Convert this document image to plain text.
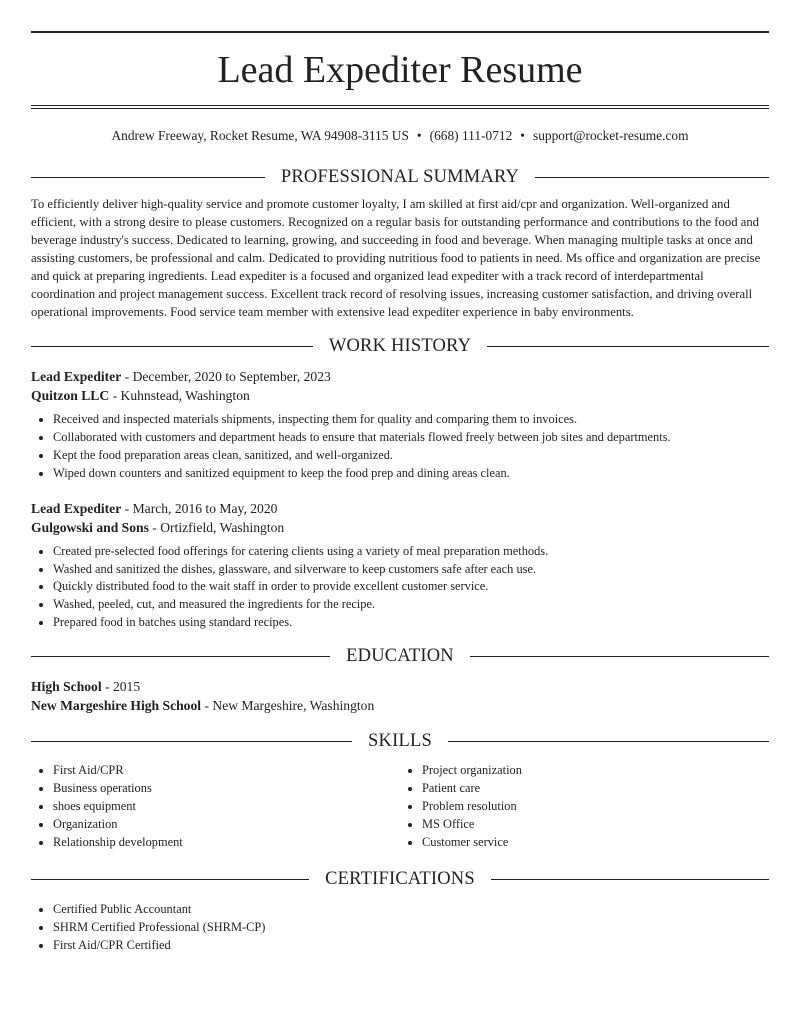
Lead Expediter Resume
Andrew Freeway, Rocket Resume, WA 94908-3115 US • (668) 111-0712 • support@rocket-resume.com
PROFESSIONAL SUMMARY

To efficiently deliver high-quality service and promote customer loyalty, I am skilled at first aid/cpr and organization. Well-organized and efficient, with a strong desire to please customers. Recognized on a regular basis for outstanding performance and contributions to the food and beverage industry's success. Dedicated to learning, growing, and succeeding in food and beverage. When managing multiple tasks at once and assisting customers, be professional and calm. Dedicated to providing nutritious food to patients in need. Ms office and organization are precise and quick at preparing ingredients. Lead expediter is a focused and organized lead expediter with a track record of interdepartmental coordination and project management success. Excellent track record of resolving issues, increasing customer satisfaction, and driving overall operational improvements. Food service team member with extensive lead expediter experience in baby environments.

WORK HISTORY
Lead Expediter - December, 2020 to September, 2023
Quitzon LLC - Kuhnstead, Washington
• Received and inspected materials shipments, inspecting them for quality and comparing them to invoices.
• Collaborated with customers and department heads to ensure that materials flowed freely between job sites and departments.
• Kept the food preparation areas clean, sanitized, and well-organized.
• Wiped down counters and sanitized equipment to keep the food prep and dining areas clean.
Lead Expediter - March, 2016 to May, 2020
Gulgowski and Sons - Ortizfield, Washington
• Created pre-selected food offerings for catering clients using a variety of meal preparation methods.
• Washed and sanitized the dishes, glassware, and silverware to keep customers safe after each use.
• Quickly distributed food to the wait staff in order to provide excellent customer service.
• Washed, peeled, cut, and measured the ingredients for the recipe.
• Prepared food in batches using standard recipes.
EDUCATION
High School - 2015
New Margeshire High School - New Margeshire, Washington
SKILLS
• First Aid/CPR
• Business operations
• shoes equipment
• Organization
• Relationship development
• Project organization
• Patient care
• Problem resolution
• MS Office
• Customer service
CERTIFICATIONS
• Certified Public Accountant
• SHRM Certified Professional (SHRM-CP)
• First Aid/CPR Certified
